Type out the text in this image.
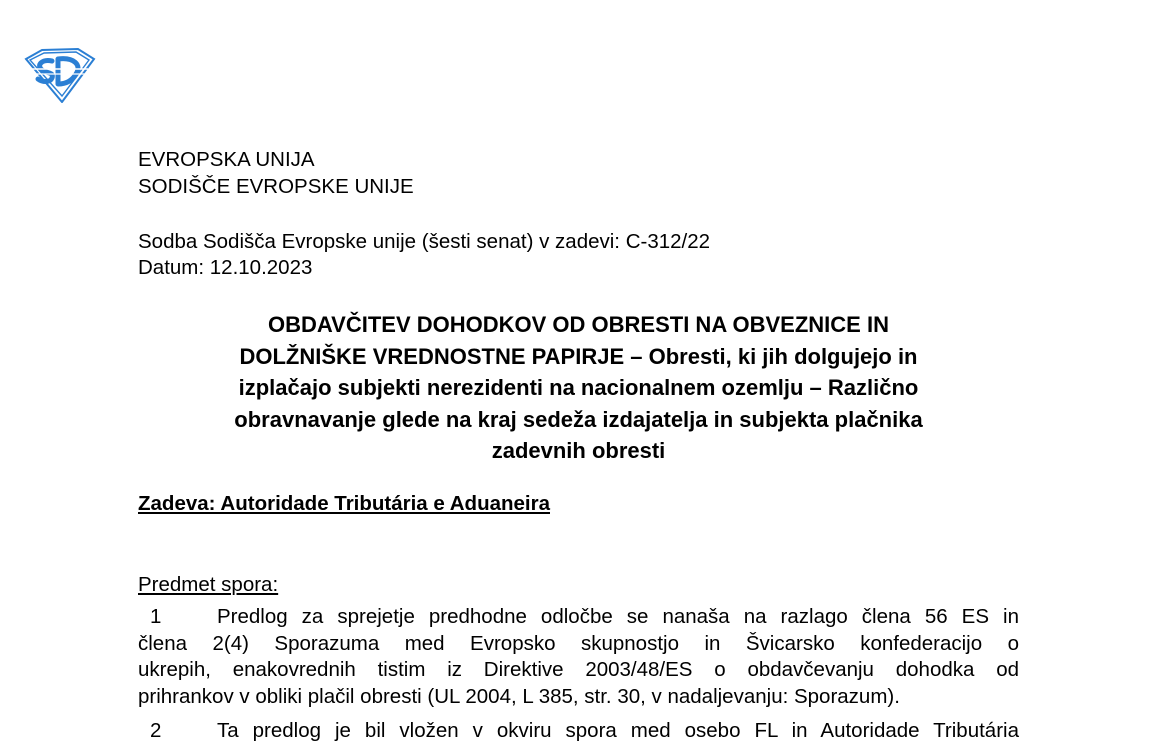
EVROPSKA UNIJA
SODIŠČE EVROPSKE UNIJE
Sodba Sodišča Evropske unije (šesti senat) v zadevi: C-312/22
Datum: 12.10.2023
OBDAVČITEV DOHODKOV OD OBRESTI NA OBVEZNICE IN
DOLŽNIŠKE VREDNOSTNE PAPIRJE – Obresti, ki jih dolgujejo in
izplačajo subjekti nerezidenti na nacionalnem ozemlju – Različno
obravnavanje glede na kraj sedeža izdajatelja in subjekta plačnika
zadevnih obresti
Zadeva: Autoridade Tributária e Aduaneira
Predmet spora:
1	Predlog za sprejetje predhodne odločbe se nanaša na razlago člena 56 ES in
člena 2(4) Sporazuma med Evropsko skupnostjo in Švicarsko konfederacijo o
ukrepih, enakovrednih tistim iz Direktive 2003/48/ES o obdavčevanju dohodka od
prihrankov v obliki plačil obresti (UL 2004, L 385, str. 30, v nadaljevanju: Sporazum).
2	Ta predlog je bil vložen v okviru spora med osebo FL in Autoridade Tributária
